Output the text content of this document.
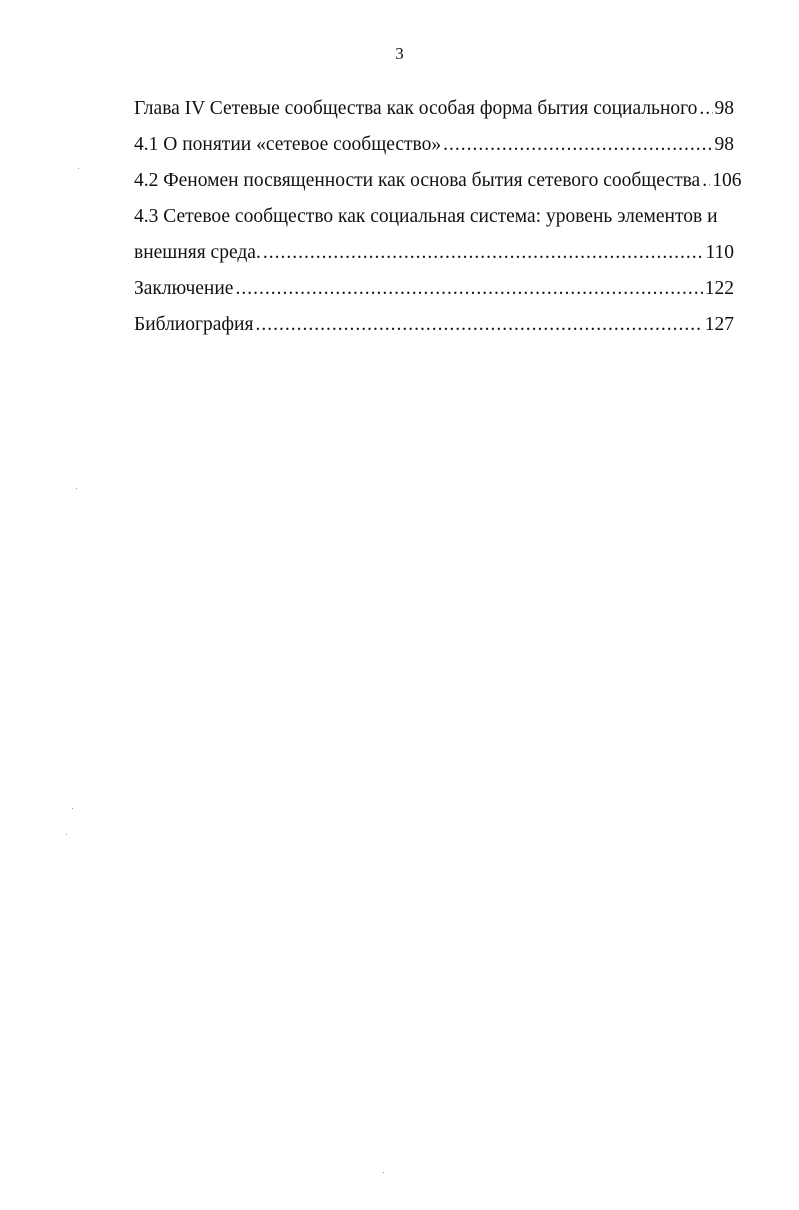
3
Глава IV Сетевые сообщества как особая форма бытия социального ..... 98
4.1 О понятии «сетевое сообщество» .....	98
4.2 Феномен посвященности как основа бытия сетевого сообщества ..... 106
4.3 Сетевое сообщество как социальная система: уровень элементов и
внешняя среда. .....	110
Заключение .....	122
Библиография .....	127
